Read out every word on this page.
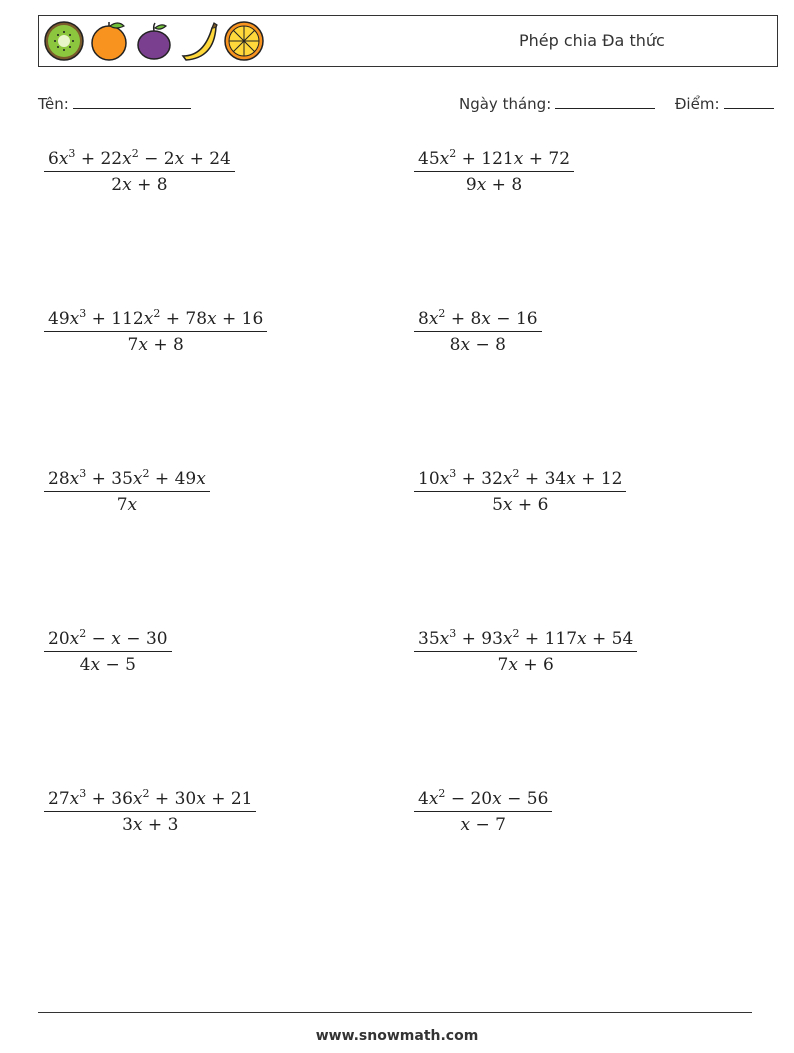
Phép chia Đa thức
Tên:	Ngày tháng:	Điểm:
$\frac{6x^3 + 22x^2 - 2x + 24}{2x + 8}$	$\frac{45x^2 + 121x + 72}{9x + 8}$
$\frac{49x^3 + 112x^2 + 78x + 16}{7x + 8}$	$\frac{8x^2 + 8x - 16}{8x - 8}$
$\frac{28x^3 + 35x^2 + 49x}{7x}$	$\frac{10x^3 + 32x^2 + 34x + 12}{5x + 6}$
$\frac{20x^2 - x - 30}{4x - 5}$	$\frac{35x^3 + 93x^2 + 117x + 54}{7x + 6}$
$\frac{27x^3 + 36x^2 + 30x + 21}{3x + 3}$	$\frac{4x^2 - 20x - 56}{x - 7}$
www.snowmath.com
